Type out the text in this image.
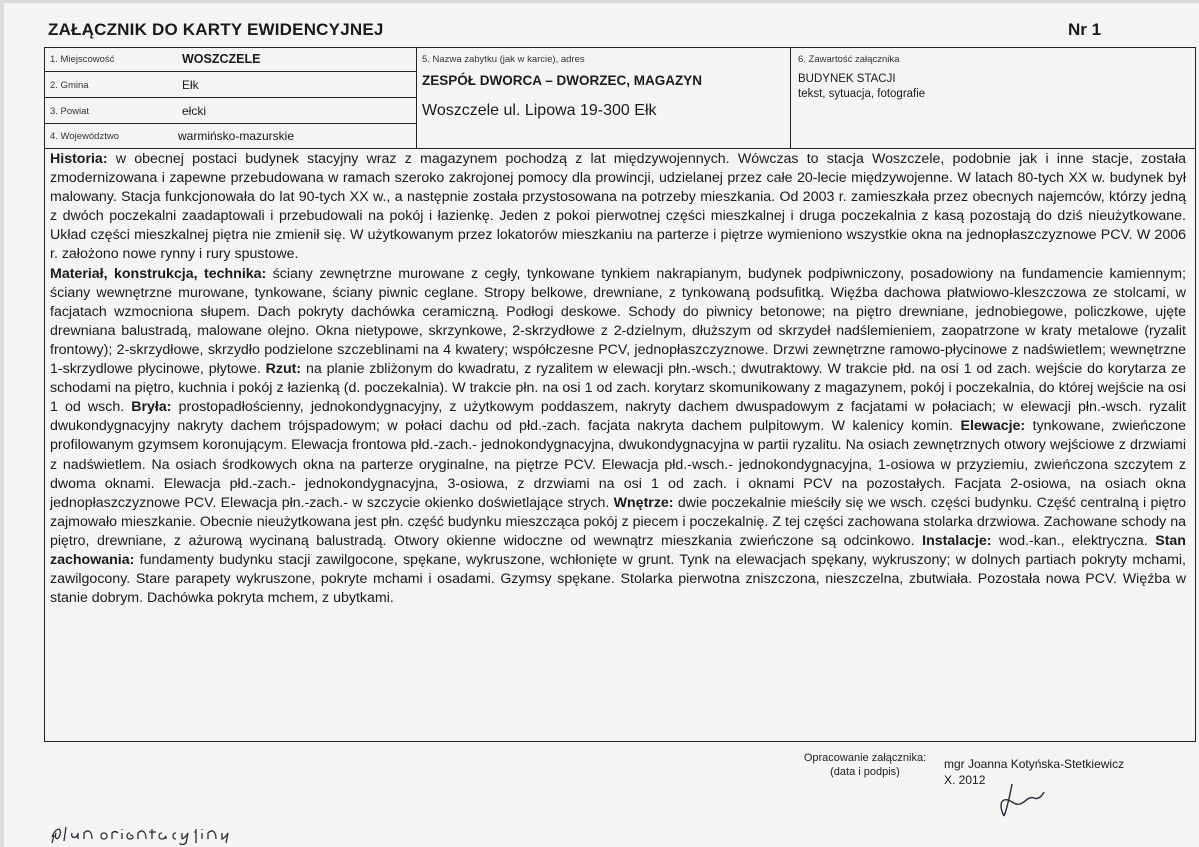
ZAŁĄCZNIK DO KARTY EWIDENCYJNEJ	Nr 1
1. Miejscowość	WOSZCZELE
2. Gmina	Ełk
3. Powiat	ełcki
4. Województwo	warmińsko-mazurskie
5. Nazwa zabytku (jak w karcie), adres
ZESPÓŁ DWORCA – DWORZEC, MAGAZYN
Woszczele ul. Lipowa 19-300 Ełk
6. Zawartość załącznika
BUDYNEK STACJI
tekst, sytuacja, fotografie

Historia: w obecnej postaci budynek stacyjny wraz z magazynem pochodzą z lat międzywojennych. Wówczas to stacja Woszczele, podobnie jak i inne stacje, została zmodernizowana i zapewne przebudowana w ramach szeroko zakrojonej pomocy dla prowincji, udzielanej przez całe 20-lecie międzywojenne. W latach 80-tych XX w. budynek był malowany. Stacja funkcjonowała do lat 90-tych XX w., a następnie została przystosowana na potrzeby mieszkania. Od 2003 r. zamieszkała przez obecnych najemców, którzy jedną z dwóch poczekalni zaadaptowali i przebudowali na pokój i łazienkę. Jeden z pokoi pierwotnej części mieszkalnej i druga poczekalnia z kasą pozostają do dziś nieużytkowane. Układ części mieszkalnej piętra nie zmienił się. W użytkowanym przez lokatorów mieszkaniu na parterze i piętrze wymieniono wszystkie okna na jednopłaszczyznowe PCV. W 2006 r. założono nowe rynny i rury spustowe.
Materiał, konstrukcja, technika: ściany zewnętrzne murowane z cegły, tynkowane tynkiem nakrapianym, budynek podpiwniczony, posadowiony na fundamencie kamiennym; ściany wewnętrzne murowane, tynkowane, ściany piwnic ceglane. Stropy belkowe, drewniane, z tynkowaną podsufitką. Więźba dachowa płatwiowo-kleszczowa ze stolcami, w facjatach wzmocniona słupem. Dach pokryty dachówka ceramiczną. Podłogi deskowe. Schody do piwnicy betonowe; na piętro drewniane, jednobiegowe, policzkowe, ujęte drewniana balustradą, malowane olejno. Okna nietypowe, skrzynkowe, 2-skrzydłowe z 2-dzielnym, dłuższym od skrzydeł nadślemieniem, zaopatrzone w kraty metalowe (ryzalit frontowy); 2-skrzydłowe, skrzydło podzielone szczeblinami na 4 kwatery; współczesne PCV, jednopłaszczyznowe. Drzwi zewnętrzne ramowo-płycinowe z nadświetlem; wewnętrzne 1-skrzydlowe płycinowe, płytowe. Rzut: na planie zbliżonym do kwadratu, z ryzalitem w elewacji płn.-wsch.; dwutraktowy. W trakcie płd. na osi 1 od zach. wejście do korytarza ze schodami na piętro, kuchnia i pokój z łazienką (d. poczekalnia). W trakcie płn. na osi 1 od zach. korytarz skomunikowany z magazynem, pokój i poczekalnia, do której wejście na osi 1 od wsch. Bryła: prostopadłościenny, jednokondygnacyjny, z użytkowym poddaszem, nakryty dachem dwuspadowym z facjatami w połaciach; w elewacji płn.-wsch. ryzalit dwukondygnacyjny nakryty dachem trójspadowym; w połaci dachu od płd.-zach. facjata nakryta dachem pulpitowym. W kalenicy komin. Elewacje: tynkowane, zwieńczone profilowanym gzymsem koronującym. Elewacja frontowa płd.-zach.- jednokondygnacyjna, dwukondygnacyjna w partii ryzalitu. Na osiach zewnętrznych otwory wejściowe z drzwiami z nadświetlem. Na osiach środkowych okna na parterze oryginalne, na piętrze PCV. Elewacja płd.-wsch.- jednokondygnacyjna, 1-osiowa w przyziemiu, zwieńczona szczytem z dwoma oknami. Elewacja płd.-zach.- jednokondygnacyjna, 3-osiowa, z drzwiami na osi 1 od zach. i oknami PCV na pozostałych. Facjata 2-osiowa, na osiach okna jednopłaszczyznowe PCV. Elewacja płn.-zach.- w szczycie okienko doświetlające strych. Wnętrze: dwie poczekalnie mieściły się we wsch. części budynku. Część centralną i piętro zajmowało mieszkanie. Obecnie nieużytkowana jest płn. część budynku mieszcząca pokój z piecem i poczekalnię. Z tej części zachowana stolarka drzwiowa. Zachowane schody na piętro, drewniane, z ażurową wycinaną balustradą. Otwory okienne widoczne od wewnątrz mieszkania zwieńczone są odcinkowo. Instalacje: wod.-kan., elektryczna. Stan zachowania: fundamenty budynku stacji zawilgocone, spękane, wykruszone, wchłonięte w grunt. Tynk na elewacjach spękany, wykruszony; w dolnych partiach pokryty mchami, zawilgocony. Stare parapety wykruszone, pokryte mchami i osadami. Gzymsy spękane. Stolarka pierwotna zniszczona, nieszczelna, zbutwiała. Pozostała nowa PCV. Więźba w stanie dobrym. Dachówka pokryta mchem, z ubytkami.

Opracowanie załącznika:
(data i podpis)
mgr Joanna Kotyńska-Stetkiewicz
X. 2012
